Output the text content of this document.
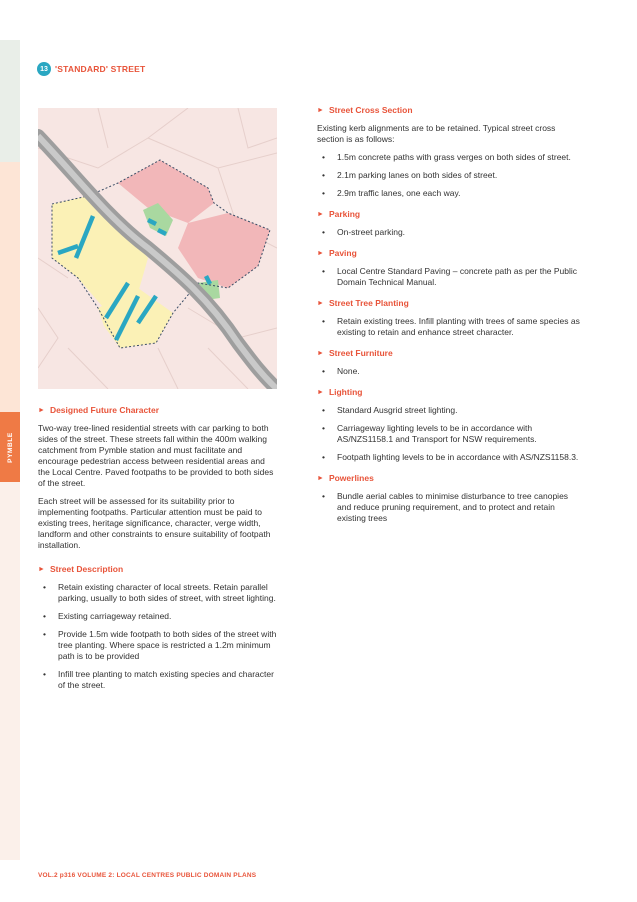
PYMBLE
13 'STANDARD' STREET
► Designed Future Character

Two-way tree-lined residential streets with car parking to both sides of the street. These streets fall within the 400m walking catchment from Pymble station and must facilitate and encourage pedestrian access between residential areas and the Local Centre. Paved footpaths to be provided to both sides of the street.

Each street will be assessed for its suitability prior to implementing footpaths. Particular attention must be paid to existing trees, heritage significance, character, verge width, landform and other constraints to ensure suitability of footpath installation.

► Street Description
• Retain existing character of local streets. Retain parallel parking, usually to both sides of street, with street lighting.
• Existing carriageway retained.
• Provide 1.5m wide footpath to both sides of the street with tree planting. Where space is restricted a 1.2m minimum path is to be provided
• Infill tree planting to match existing species and character of the street.
► Street Cross Section

Existing kerb alignments are to be retained. Typical street cross section is as follows:

• 1.5m concrete paths with grass verges on both sides of street.
• 2.1m parking lanes on both sides of street.
• 2.9m traffic lanes, one each way.
► Parking
• On-street parking.
► Paving
• Local Centre Standard Paving – concrete path as per the Public Domain Technical Manual.
► Street Tree Planting
• Retain existing trees. Infill planting with trees of same species as existing to retain and enhance street character.
► Street Furniture
• None.
► Lighting
• Standard Ausgrid street lighting.
• Carriageway lighting levels to be in accordance with AS/NZS1158.1 and Transport for NSW requirements.
• Footpath lighting levels to be in accordance with AS/NZS1158.3.
► Powerlines
• Bundle aerial cables to minimise disturbance to tree canopies and reduce pruning requirement, and to protect and retain existing trees
VOL.2 p316 VOLUME 2: LOCAL CENTRES PUBLIC DOMAIN PLANS
